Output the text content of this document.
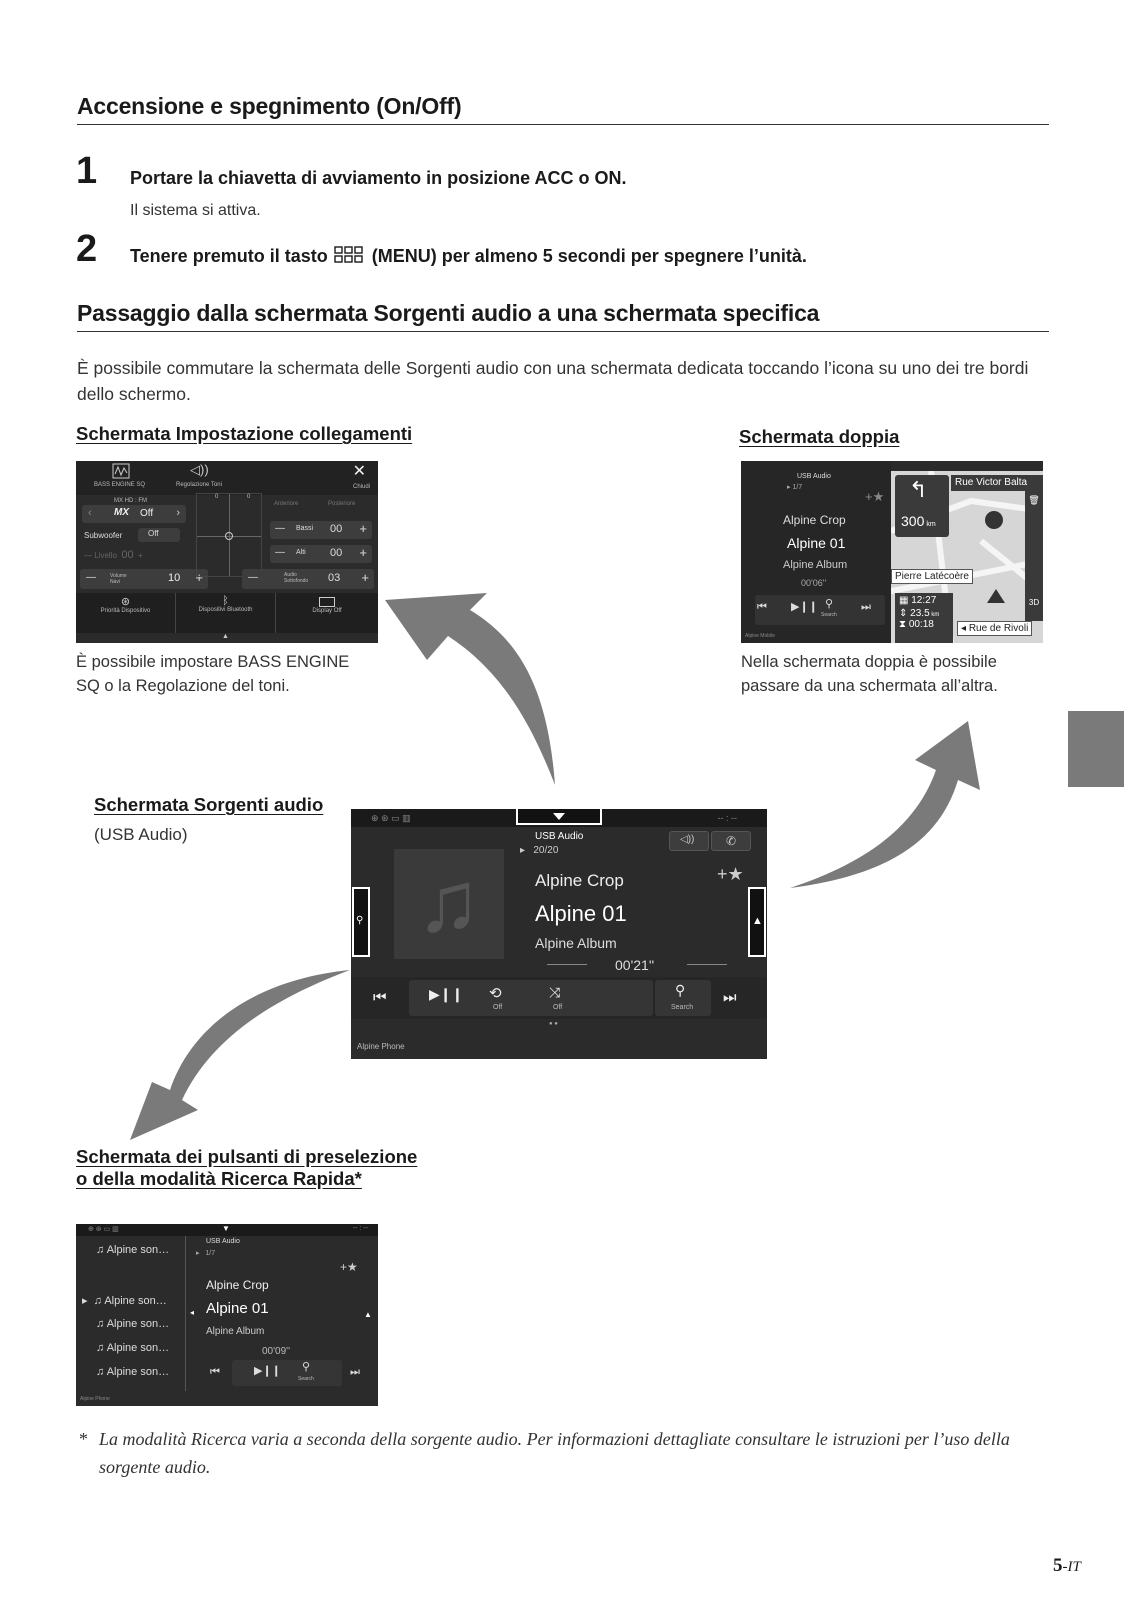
Accensione e spegnimento (On/Off)
1 Portare la chiavetta di avviamento in posizione ACC o ON.
Il sistema si attiva.
2 Tenere premuto il tasto (MENU) per almeno 5 secondi per spegnere l’unità.
Passaggio dalla schermata Sorgenti audio a una schermata specifica
È possibile commutare la schermata delle Sorgenti audio con una schermata dedicata toccando l’icona su uno dei tre bordi dello schermo.
Schermata Impostazione collegamenti
BASS ENGINE SQ
◁))
Regolazione Toni
✕
Chiudi
MX HD : FM
‹ MX Off ›
Subwoofer	Off
— Livello 00  +
—	Volume Navi	10 +
0	0
Anteriore	Posteriore
— Bassi 00 +
— Alti 00 +
—	Audio Sottofondo	03 +
⊛
Priorità Dispositivo
ᛒ
Dispositivi Bluetooth	Display Off
▲
È possibile impostare BASS ENGINE
SQ o la Regolazione del toni.
Schermata doppia
USB Audio
▸ 1/7
+★
Alpine Crop
Alpine 01
Alpine Album
00'06''
⏮ ▶❙❙ ⚲
Search
⏭
Alpine Mobile
↰
300 km
Rue Victor Balta
Pierre Latécoère
▦ 12:27
⇕ 23.5 km
⧗ 00:18	◂ Rue de Rivoli
🗑
3D
Nella schermata doppia è possibile
passare da una schermata all’altra.
Schermata Sorgenti audio
(USB Audio)
⊕ ⊛ ▭ ▥	-- : --
♫
USB Audio
▸   20/20
◁))	✆
+★
Alpine Crop
Alpine 01
Alpine Album
00'21''
⚲	▲
⏮	▶❙❙ ⟲
Off
⤨
Off
⚲
Search
⏭
● ●
Alpine Phone
Schermata dei pulsanti di preselezione
o della modalità Ricerca Rapida*
⊕ ⊛ ▭ ▥	-- : --
▼
♫ Alpine son…
▸  ♫ Alpine son…
♫ Alpine son…
♫ Alpine son…
♫ Alpine son…
USB Audio
▸   1/7
+★
Alpine Crop
Alpine 01
◂
Alpine Album
▲
00'09''
⏮	▶❙❙ ⚲
Search
⏭
Alpine Phone
* La modalità Ricerca varia a seconda della sorgente audio. Per informazioni dettagliate consultare le istruzioni per l’uso della sorgente audio.
5-IT
